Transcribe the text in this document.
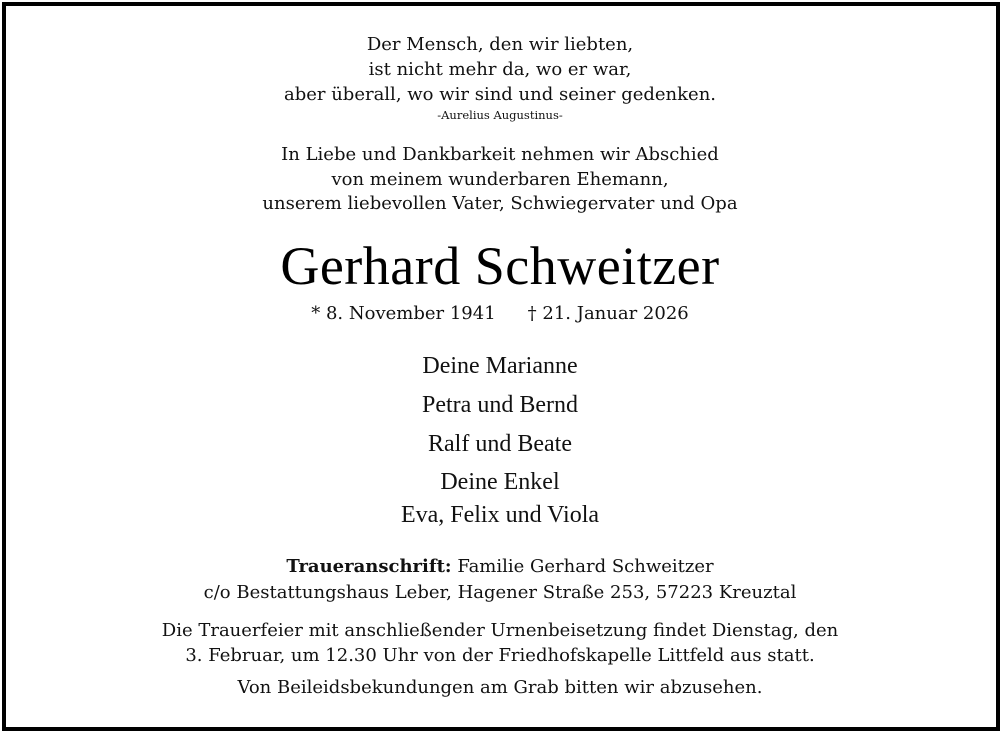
Der Mensch, den wir liebten,
ist nicht mehr da, wo er war,
aber überall, wo wir sind und seiner gedenken.
-Aurelius Augustinus-
In Liebe und Dankbarkeit nehmen wir Abschied
von meinem wunderbaren Ehemann,
unserem liebevollen Vater, Schwiegervater und Opa
Gerhard Schweitzer
* 8. November 1941 † 21. Januar 2026
Deine Marianne
Petra und Bernd
Ralf und Beate
Deine Enkel
Eva, Felix und Viola
Traueranschrift: Familie Gerhard Schweitzer
c/o Bestattungshaus Leber, Hagener Straße 253, 57223 Kreuztal
Die Trauerfeier mit anschließender Urnenbeisetzung findet Dienstag, den
3. Februar, um 12.30 Uhr von der Friedhofskapelle Littfeld aus statt.
Von Beileidsbekundungen am Grab bitten wir abzusehen.
